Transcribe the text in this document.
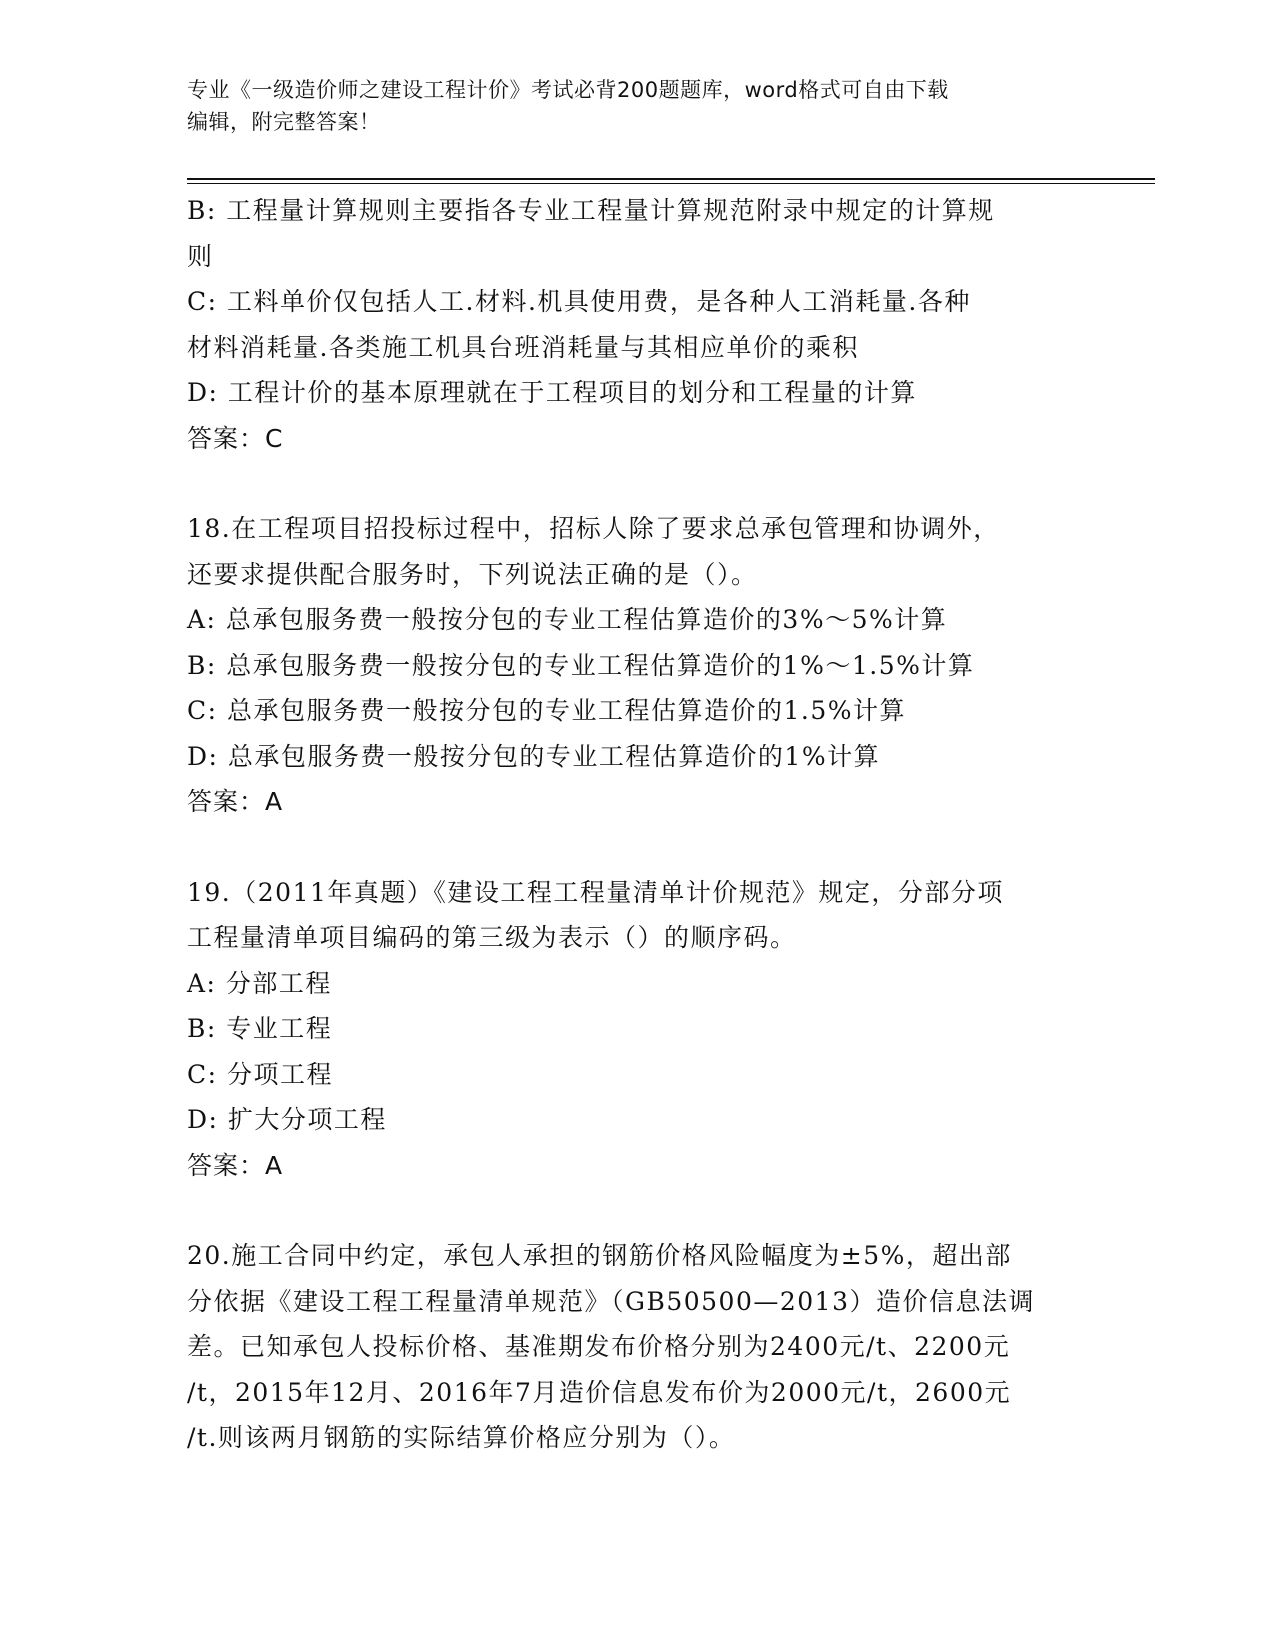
专业《一级造价师之建设工程计价》考试必背200题题库，word格式可自由下载
编辑，附完整答案！
B: 工程量计算规则主要指各专业工程量计算规范附录中规定的计算规
则
C: 工料单价仅包括人工.材料.机具使用费，是各种人工消耗量.各种
材料消耗量.各类施工机具台班消耗量与其相应单价的乘积
D: 工程计价的基本原理就在于工程项目的划分和工程量的计算
答案：C
18.在工程项目招投标过程中，招标人除了要求总承包管理和协调外，
还要求提供配合服务时，下列说法正确的是（）。
A: 总承包服务费一般按分包的专业工程估算造价的3%～5%计算
B: 总承包服务费一般按分包的专业工程估算造价的1%～1.5%计算
C: 总承包服务费一般按分包的专业工程估算造价的1.5%计算
D: 总承包服务费一般按分包的专业工程估算造价的1%计算
答案：A
19.（2011年真题）《建设工程工程量清单计价规范》规定，分部分项
工程量清单项目编码的第三级为表示（）的顺序码。
A: 分部工程
B: 专业工程
C: 分项工程
D: 扩大分项工程
答案：A
20.施工合同中约定，承包人承担的钢筋价格风险幅度为±5%，超出部
分依据《建设工程工程量清单规范》（GB50500—2013）造价信息法调
差。已知承包人投标价格、基准期发布价格分别为2400元/t、2200元
/t，2015年12月、2016年7月造价信息发布价为2000元/t，2600元
/t.则该两月钢筋的实际结算价格应分别为（）。
